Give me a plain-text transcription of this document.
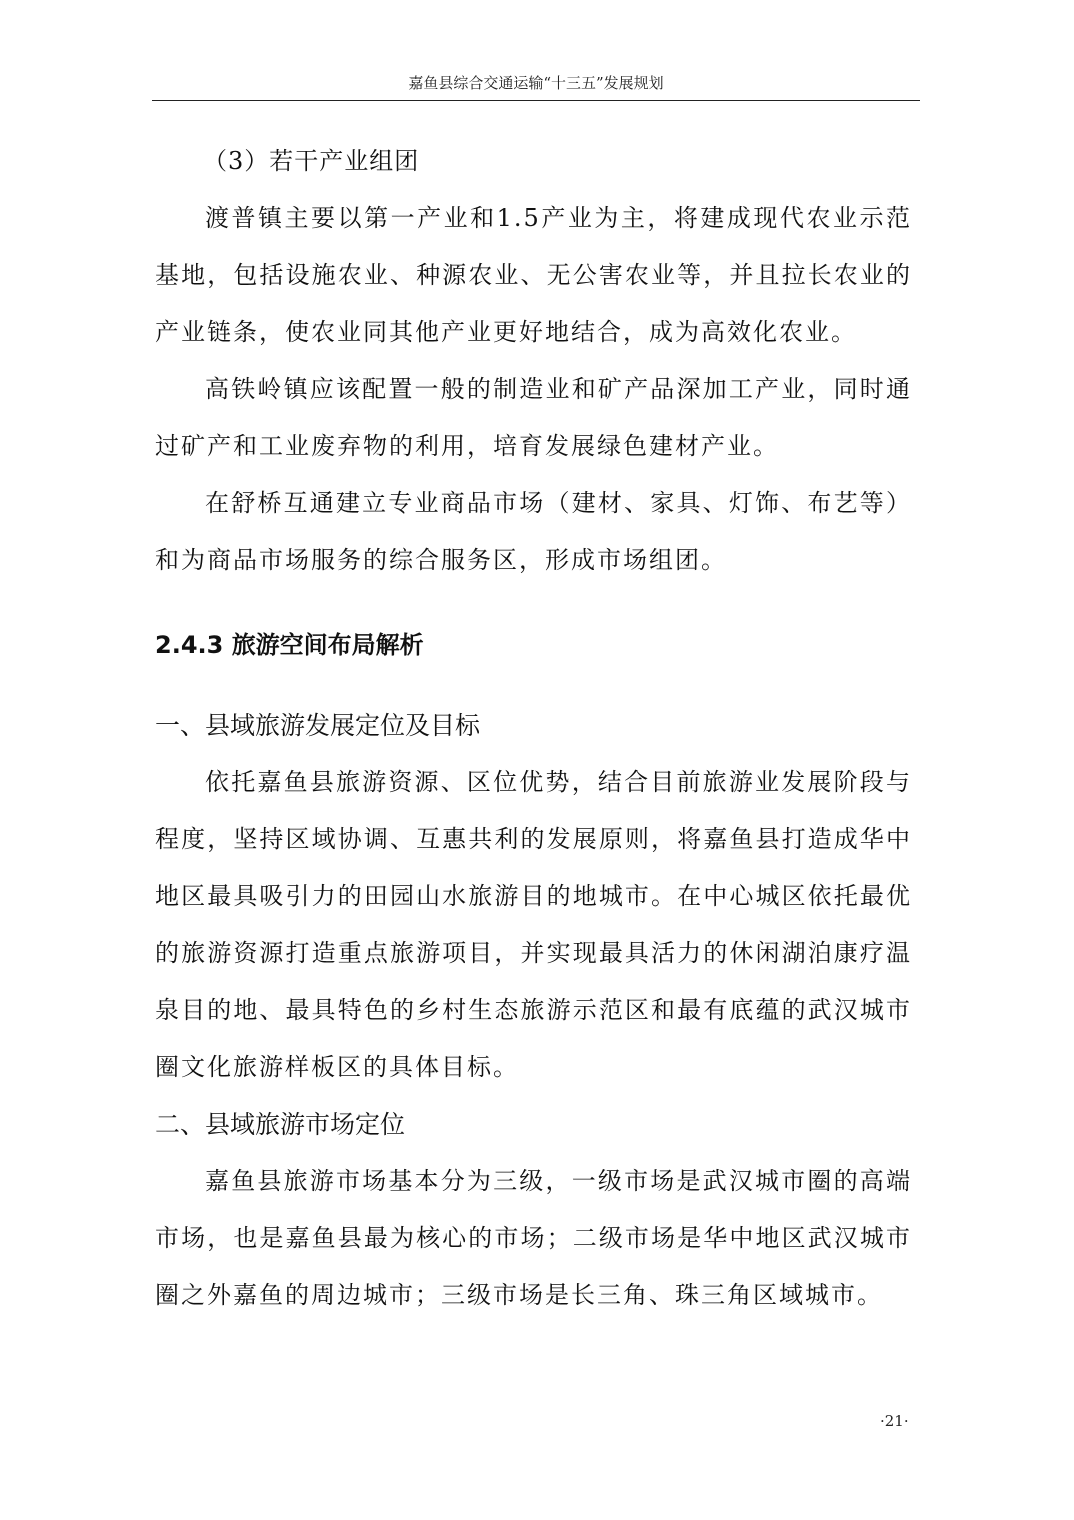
嘉鱼县综合交通运输“十三五”发展规划

（3）若干产业组团

渡普镇主要以第一产业和1.5产业为主，将建成现代农业示范基地，包括设施农业、种源农业、无公害农业等，并且拉长农业的产业链条，使农业同其他产业更好地结合，成为高效化农业。

高铁岭镇应该配置一般的制造业和矿产品深加工产业，同时通过矿产和工业废弃物的利用，培育发展绿色建材产业。

在舒桥互通建立专业商品市场（建材、家具、灯饰、布艺等）和为商品市场服务的综合服务区，形成市场组团。

2.4.3 旅游空间布局解析
一、县域旅游发展定位及目标

依托嘉鱼县旅游资源、区位优势，结合目前旅游业发展阶段与程度，坚持区域协调、互惠共利的发展原则，将嘉鱼县打造成华中地区最具吸引力的田园山水旅游目的地城市。在中心城区依托最优的旅游资源打造重点旅游项目，并实现最具活力的休闲湖泊康疗温泉目的地、最具特色的乡村生态旅游示范区和最有底蕴的武汉城市圈文化旅游样板区的具体目标。

二、县域旅游市场定位

嘉鱼县旅游市场基本分为三级，一级市场是武汉城市圈的高端市场，也是嘉鱼县最为核心的市场；二级市场是华中地区武汉城市圈之外嘉鱼的周边城市；三级市场是长三角、珠三角区域城市。

·21·
